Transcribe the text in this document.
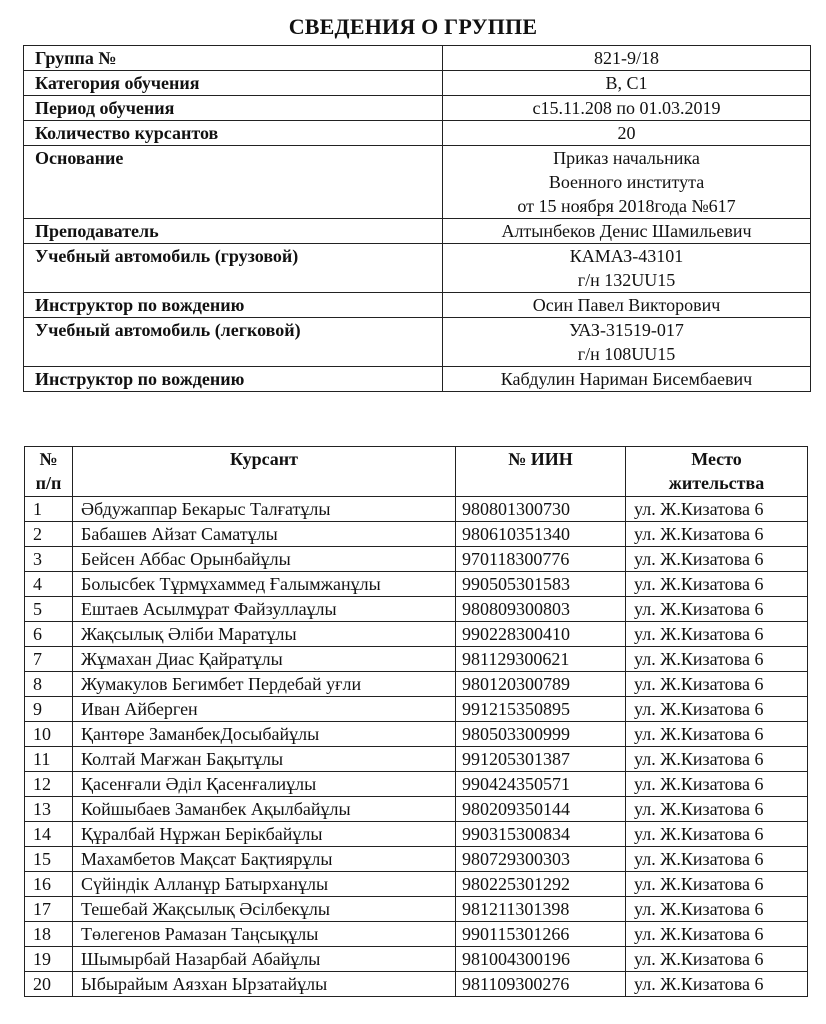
СВЕДЕНИЯ О ГРУППЕ
Группа №	821-9/18

Категория обучения	B, C1

Период обучения	с15.11.208 по 01.03.2019

Количество курсантов	20

Основание	Приказ начальника
Военного института
от 15 ноября 2018года №617

Преподаватель	Алтынбеков Денис Шамильевич

Учебный автомобиль (грузовой)	КАМАЗ-43101
г/н 132UU15

Инструктор по вождению	Осин Павел Викторович

Учебный автомобиль (легковой)	УАЗ-31519-017
г/н 108UU15

Инструктор по вождению	Кабдулин Нариман Бисембаевич
№
п/п	Курсант	№ ИИН	Место
жительства

1	Әбдужаппар Бекарыс Талғатұлы	980801300730	ул. Ж.Кизатова 6
2	Бабашев Айзат Саматұлы	980610351340	ул. Ж.Кизатова 6
3	Бейсен Аббас Орынбайұлы	970118300776	ул. Ж.Кизатова 6
4	Болысбек Тұрмұхаммед Ғалымжанұлы	990505301583	ул. Ж.Кизатова 6
5	Ештаев Асылмұрат Файзуллаұлы	980809300803	ул. Ж.Кизатова 6
6	Жақсылық Әліби Маратұлы	990228300410	ул. Ж.Кизатова 6
7	Жұмахан Диас Қайратұлы	981129300621	ул. Ж.Кизатова 6
8	Жумакулов Бегимбет Пердебай уғли	980120300789	ул. Ж.Кизатова 6
9	Иван Айберген	991215350895	ул. Ж.Кизатова 6
10	Қантөре ЗаманбекДосыбайұлы	980503300999	ул. Ж.Кизатова 6
11	Колтай Мағжан Бақытұлы	991205301387	ул. Ж.Кизатова 6
12	Қасенғали Әділ Қасенғалиұлы	990424350571	ул. Ж.Кизатова 6
13	Койшыбаев Заманбек Ақылбайұлы	980209350144	ул. Ж.Кизатова 6
14	Құралбай Нұржан Берікбайұлы	990315300834	ул. Ж.Кизатова 6
15	Махамбетов Мақсат Бақтиярұлы	980729300303	ул. Ж.Кизатова 6
16	Сүйіндік Алланұр Батырханұлы	980225301292	ул. Ж.Кизатова 6
17	Тешебай Жақсылық Әсілбекұлы	981211301398	ул. Ж.Кизатова 6
18	Төлегенов Рамазан Таңсықұлы	990115301266	ул. Ж.Кизатова 6
19	Шымырбай Назарбай Абайұлы	981004300196	ул. Ж.Кизатова 6
20	Ыбырайым Аязхан Ырзатайұлы	981109300276	ул. Ж.Кизатова 6
